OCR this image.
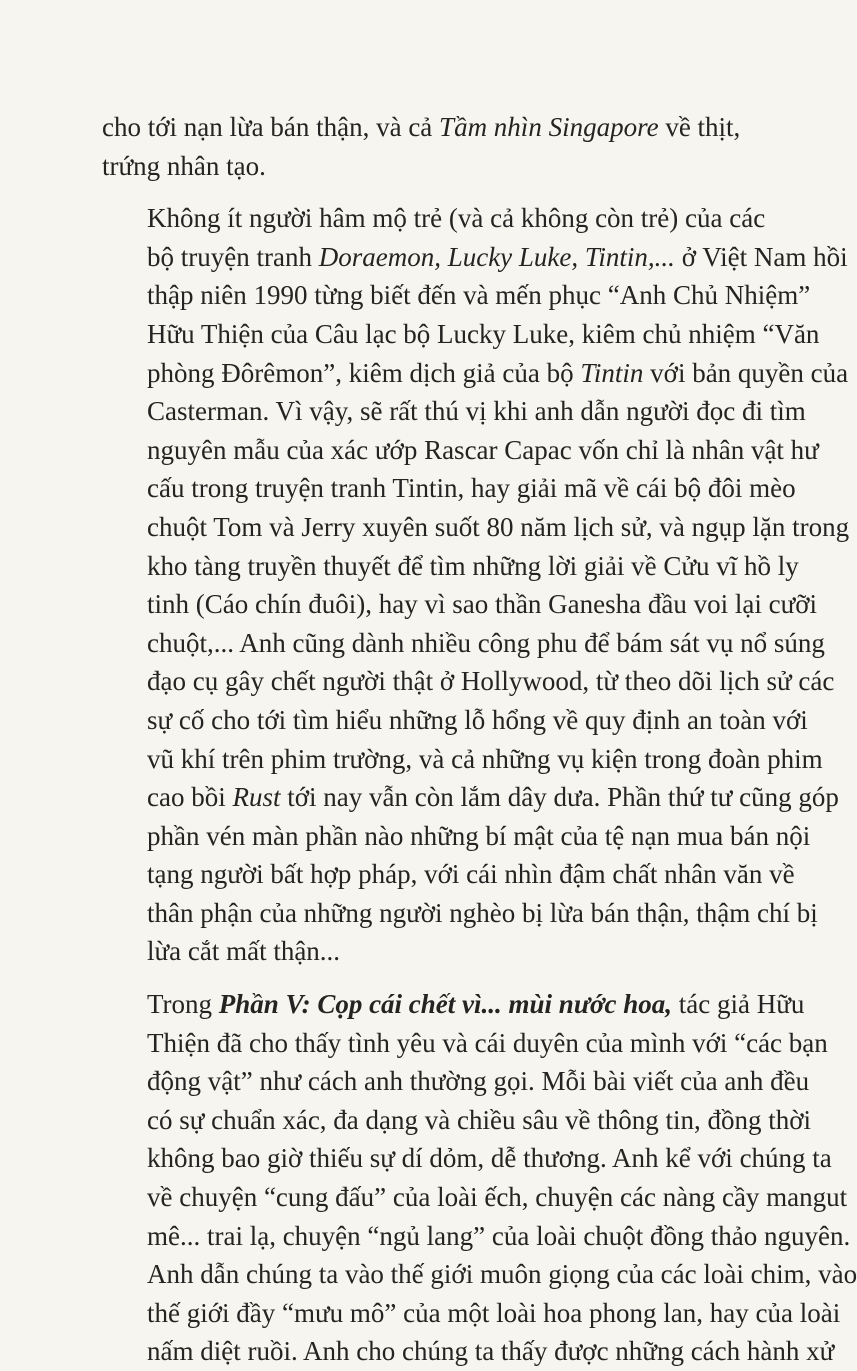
cho tới nạn lừa bán thận, và cả Tầm nhìn Singapore về thịt,
trứng nhân tạo.

Không ít người hâm mộ trẻ (và cả không còn trẻ) của các
bộ truyện tranh Doraemon, Lucky Luke, Tintin,... ở Việt Nam hồi
thập niên 1990 từng biết đến và mến phục “Anh Chủ Nhiệm”
Hữu Thiện của Câu lạc bộ Lucky Luke, kiêm chủ nhiệm “Văn
phòng Đôrêmon”, kiêm dịch giả của bộ Tintin với bản quyền của
Casterman. Vì vậy, sẽ rất thú vị khi anh dẫn người đọc đi tìm
nguyên mẫu của xác ướp Rascar Capac vốn chỉ là nhân vật hư
cấu trong truyện tranh Tintin, hay giải mã về cái bộ đôi mèo
chuột Tom và Jerry xuyên suốt 80 năm lịch sử, và ngụp lặn trong
kho tàng truyền thuyết để tìm những lời giải về Cửu vĩ hồ ly
tinh (Cáo chín đuôi), hay vì sao thần Ganesha đầu voi lại cưỡi
chuột,... Anh cũng dành nhiều công phu để bám sát vụ nổ súng
đạo cụ gây chết người thật ở Hollywood, từ theo dõi lịch sử các
sự cố cho tới tìm hiểu những lỗ hổng về quy định an toàn với
vũ khí trên phim trường, và cả những vụ kiện trong đoàn phim
cao bồi Rust tới nay vẫn còn lắm dây dưa. Phần thứ tư cũng góp
phần vén màn phần nào những bí mật của tệ nạn mua bán nội
tạng người bất hợp pháp, với cái nhìn đậm chất nhân văn về
thân phận của những người nghèo bị lừa bán thận, thậm chí bị
lừa cắt mất thận...

Trong Phần V: Cọp cái chết vì... mùi nước hoa, tác giả Hữu
Thiện đã cho thấy tình yêu và cái duyên của mình với “các bạn
động vật” như cách anh thường gọi. Mỗi bài viết của anh đều
có sự chuẩn xác, đa dạng và chiều sâu về thông tin, đồng thời
không bao giờ thiếu sự dí dỏm, dễ thương. Anh kể với chúng ta
về chuyện “cung đấu” của loài ếch, chuyện các nàng cầy mangut
mê... trai lạ, chuyện “ngủ lang” của loài chuột đồng thảo nguyên.
Anh dẫn chúng ta vào thế giới muôn giọng của các loài chim, vào
thế giới đầy “mưu mô” của một loài hoa phong lan, hay của loài
nấm diệt ruồi. Anh cho chúng ta thấy được những cách hành xử
